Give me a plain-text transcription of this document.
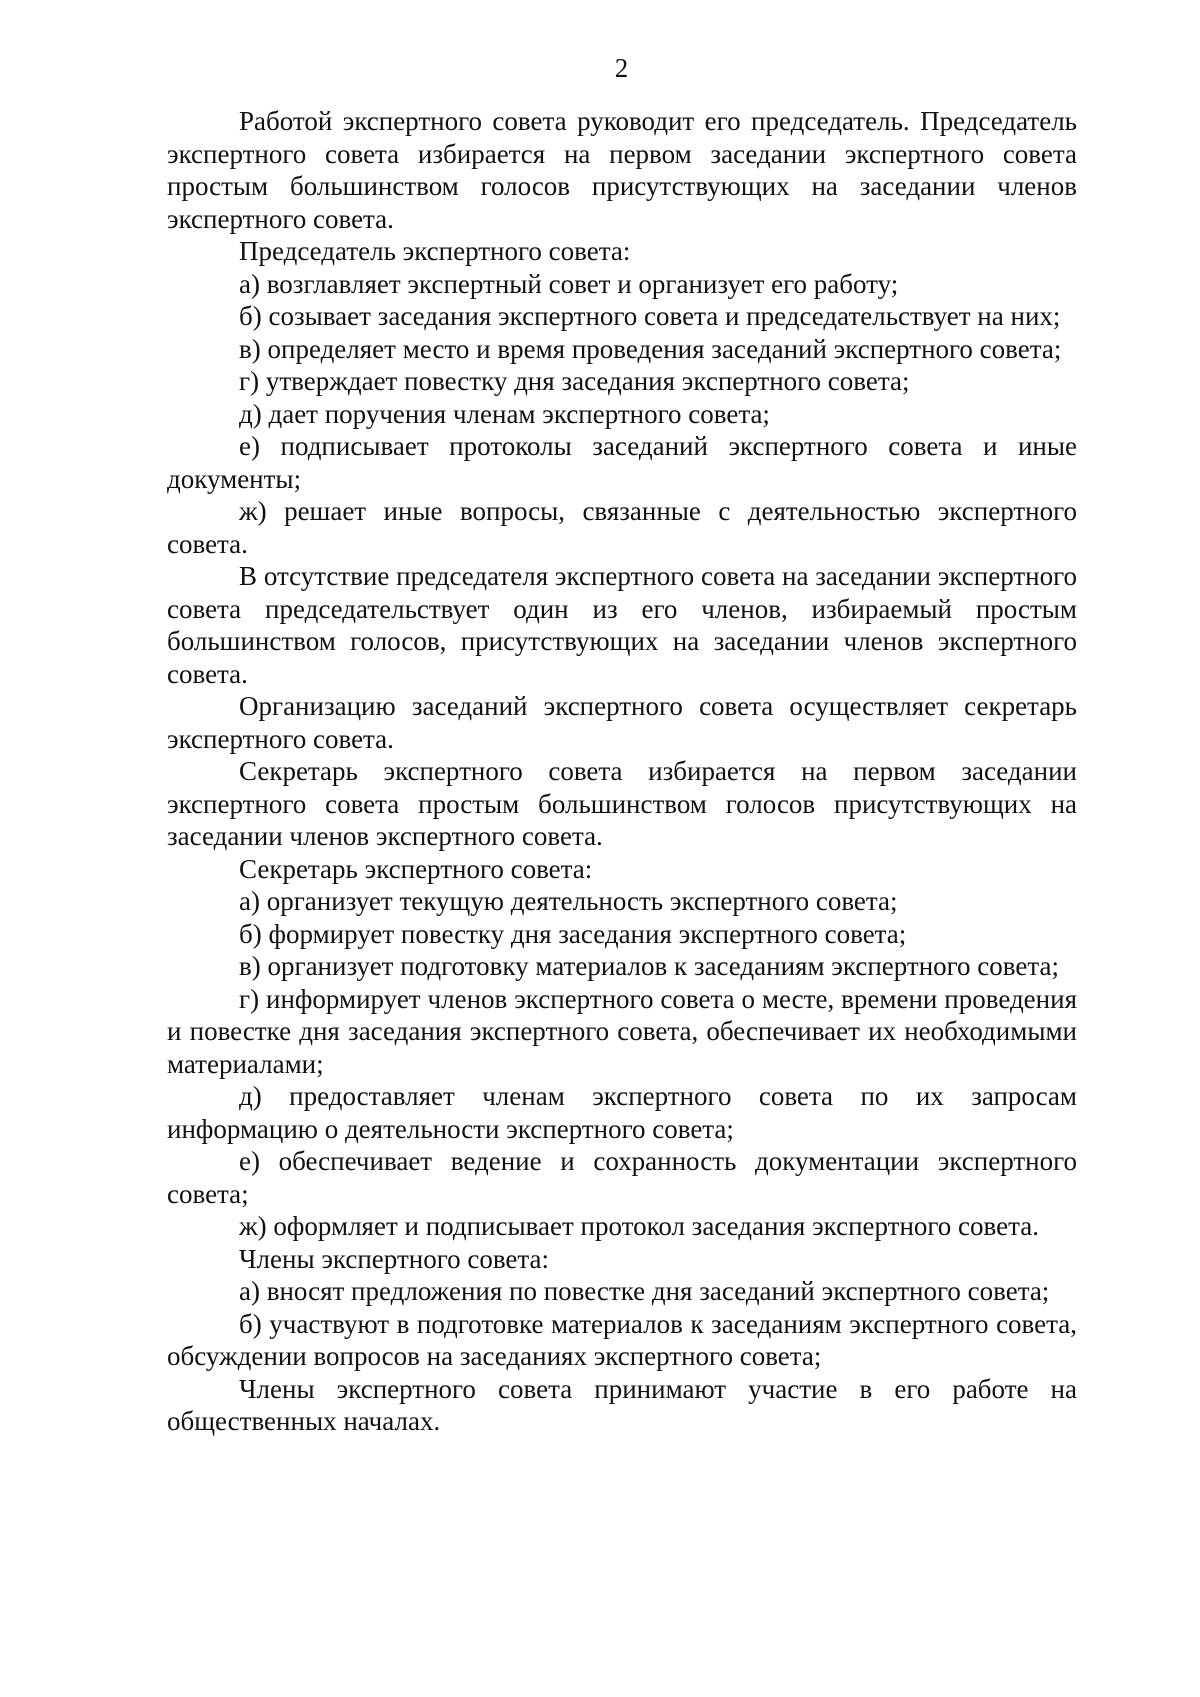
2

Работой экспертного совета руководит его председатель. Председатель экспертного совета избирается на первом заседании экспертного совета простым большинством голосов присутствующих на заседании членов экспертного совета.

Председатель экспертного совета:

а) возглавляет экспертный совет и организует его работу;

б) созывает заседания экспертного совета и председательствует на них;

в) определяет место и время проведения заседаний экспертного совета;

г) утверждает повестку дня заседания экспертного совета;

д) дает поручения членам экспертного совета;

е) подписывает протоколы заседаний экспертного совета и иные документы;

ж) решает иные вопросы, связанные с деятельностью экспертного совета.

В отсутствие председателя экспертного совета на заседании экспертного совета председательствует один из его членов, избираемый простым большинством голосов, присутствующих на заседании членов экспертного совета.

Организацию заседаний экспертного совета осуществляет секретарь экспертного совета.

Секретарь экспертного совета избирается на первом заседании экспертного совета простым большинством голосов присутствующих на заседании членов экспертного совета.

Секретарь экспертного совета:

а) организует текущую деятельность экспертного совета;

б) формирует повестку дня заседания экспертного совета;

в) организует подготовку материалов к заседаниям экспертного совета;

г) информирует членов экспертного совета о месте, времени проведения и повестке дня заседания экспертного совета, обеспечивает их необходимыми материалами;

д) предоставляет членам экспертного совета по их запросам информацию о деятельности экспертного совета;

е) обеспечивает ведение и сохранность документации экспертного совета;

ж) оформляет и подписывает протокол заседания экспертного совета.

Члены экспертного совета:

а) вносят предложения по повестке дня заседаний экспертного совета;

б) участвуют в подготовке материалов к заседаниям экспертного совета, обсуждении вопросов на заседаниях экспертного совета;

Члены экспертного совета принимают участие в его работе на общественных началах.
